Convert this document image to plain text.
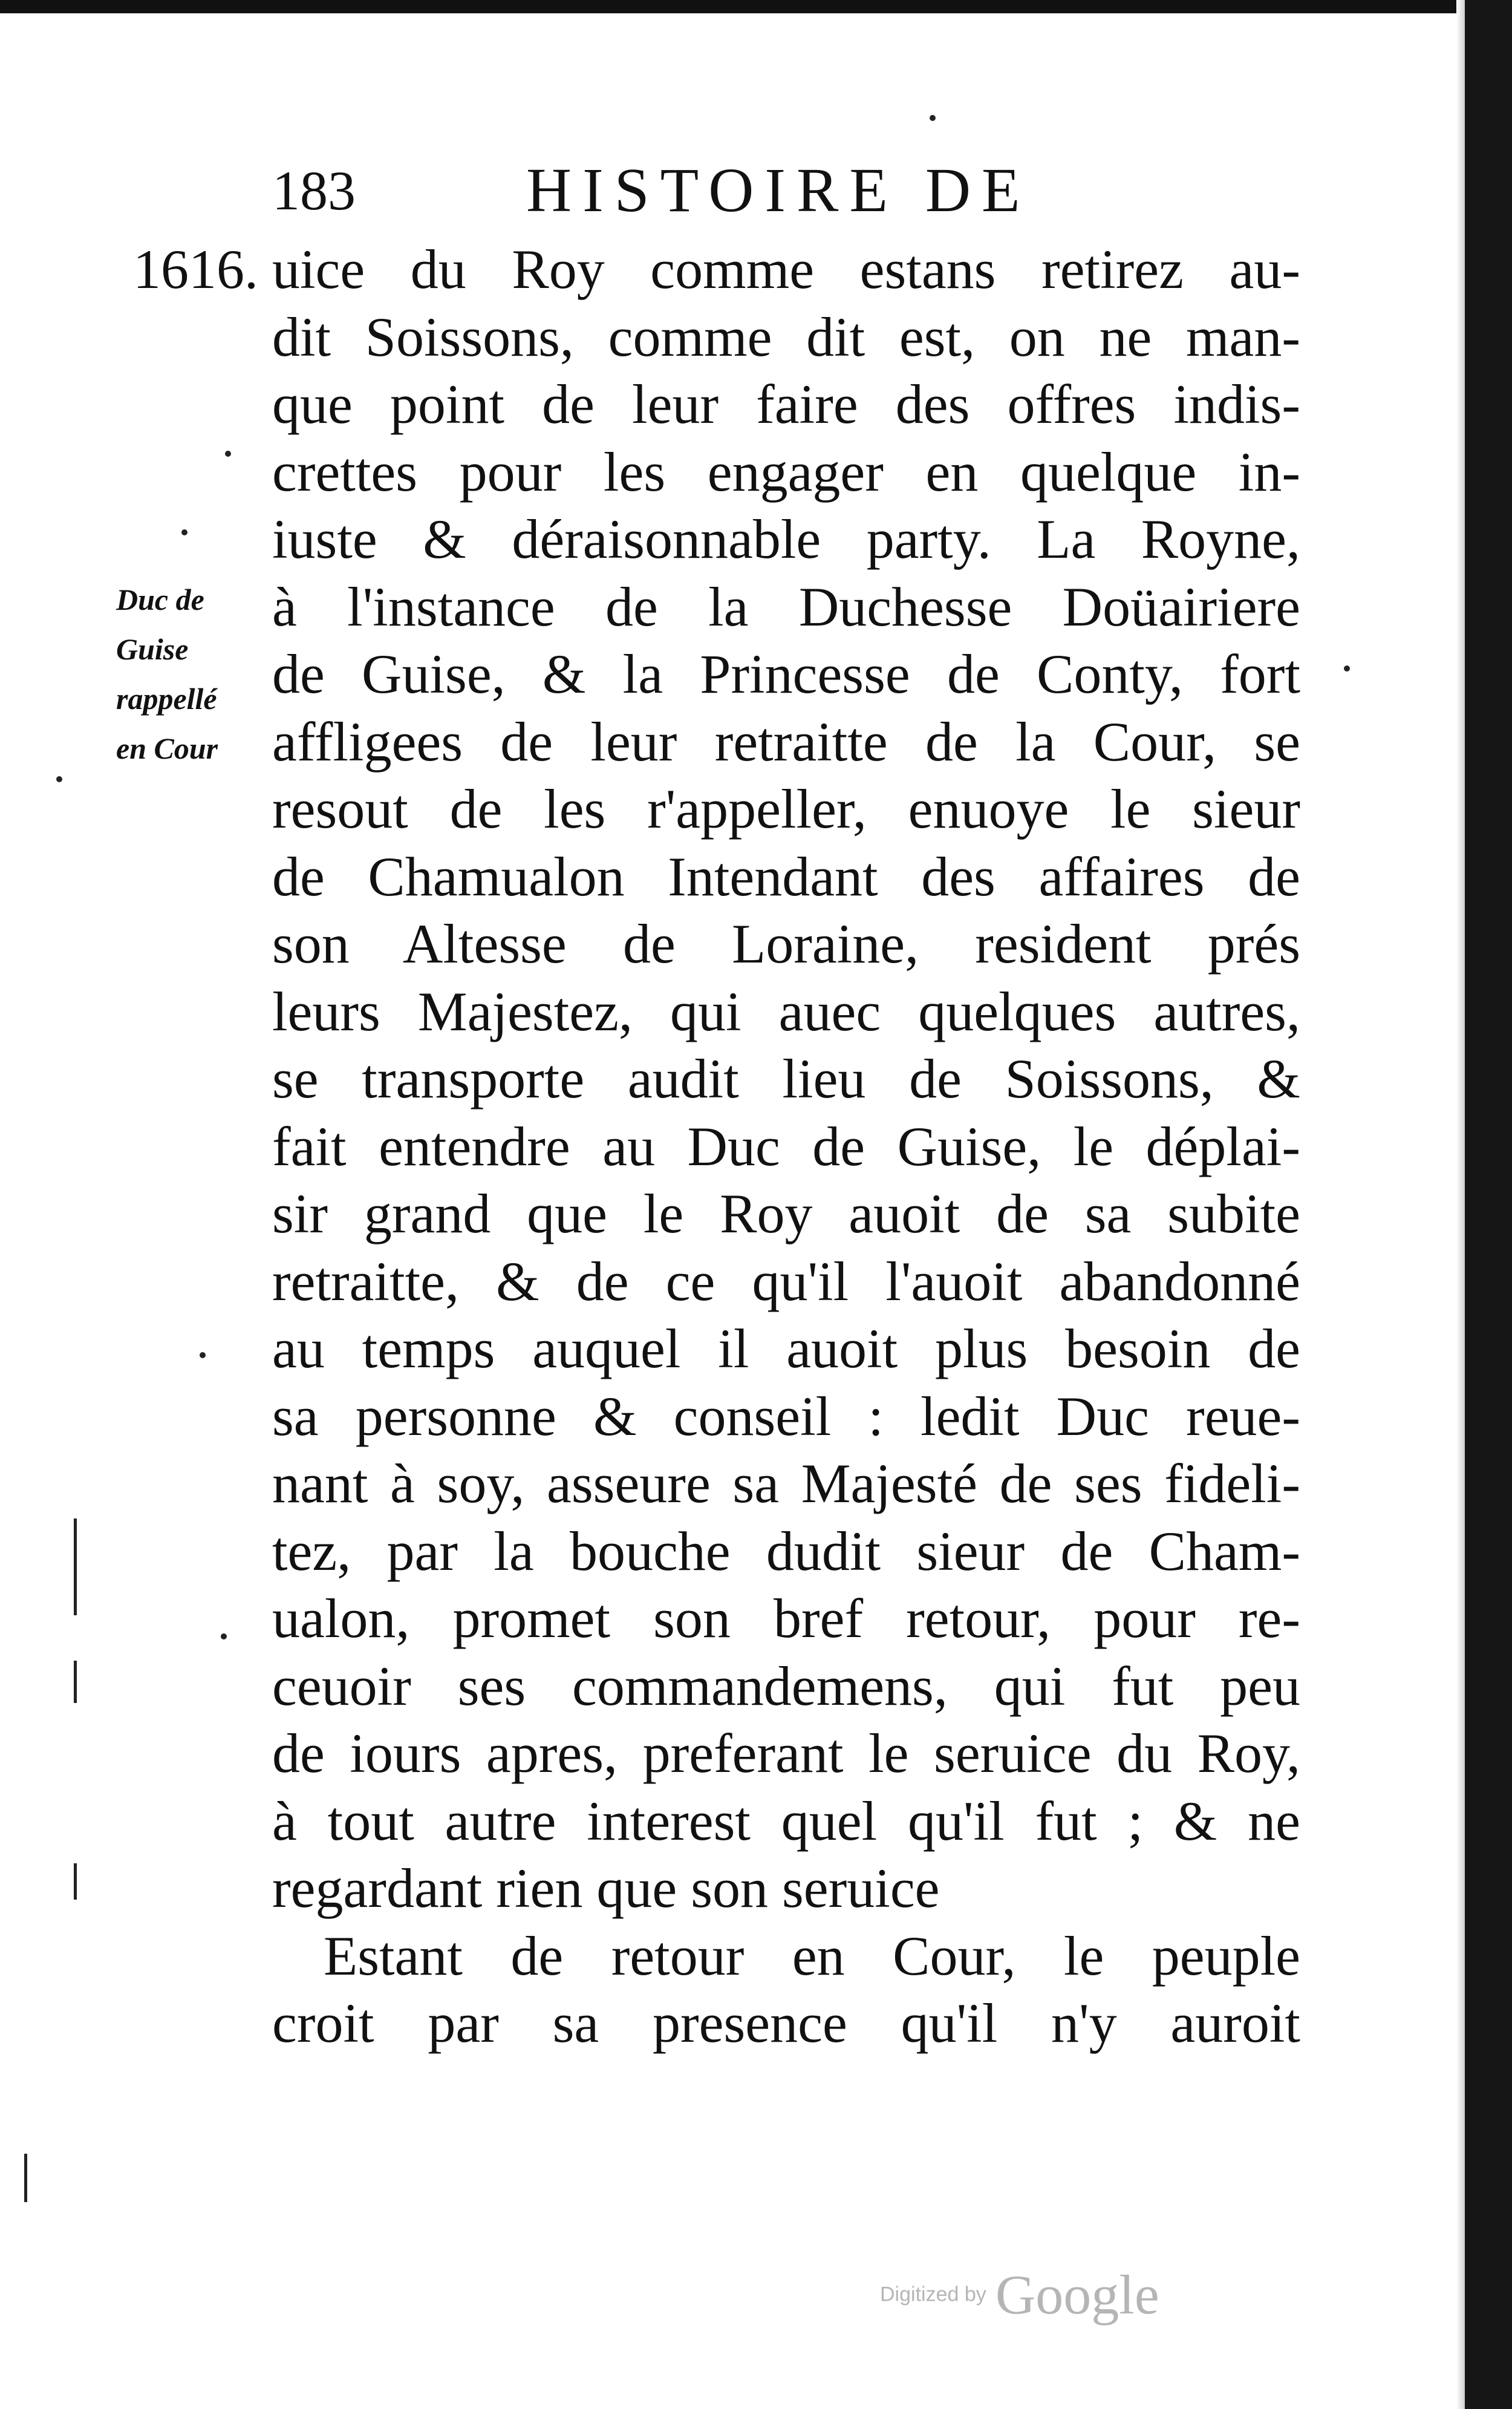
183	HISTOIRE DE
1616.
Duc de
Guise
rappellé
en Cour
uice du Roy comme estans retirez au-
dit Soissons, comme dit est, on ne man-
que point de leur faire des offres indis-
crettes pour les engager en quelque in-
iuste & déraisonnable party. La Royne,
à l'instance de la Duchesse Doüairiere
de Guise, & la Princesse de Conty, fort
affligees de leur retraitte de la Cour, se
resout de les r'appeller, enuoye le sieur
de Chamualon Intendant des affaires de
son Altesse de Loraine, resident prés
leurs Majestez, qui auec quelques autres,
se transporte audit lieu de Soissons, &
fait entendre au Duc de Guise, le déplai-
sir grand que le Roy auoit de sa subite
retraitte, & de ce qu'il l'auoit abandonné
au temps auquel il auoit plus besoin de
sa personne & conseil : ledit Duc reue-
nant à soy, asseure sa Majesté de ses fideli-
tez, par la bouche dudit sieur de Cham-
ualon, promet son bref retour, pour re-
ceuoir ses commandemens, qui fut peu
de iours apres, preferant le seruice du Roy,
à tout autre interest quel qu'il fut ; & ne
regardant rien que son seruice
Estant de retour en Cour, le peuple
croit par sa presence qu'il n'y auroit
Digitized by Google
